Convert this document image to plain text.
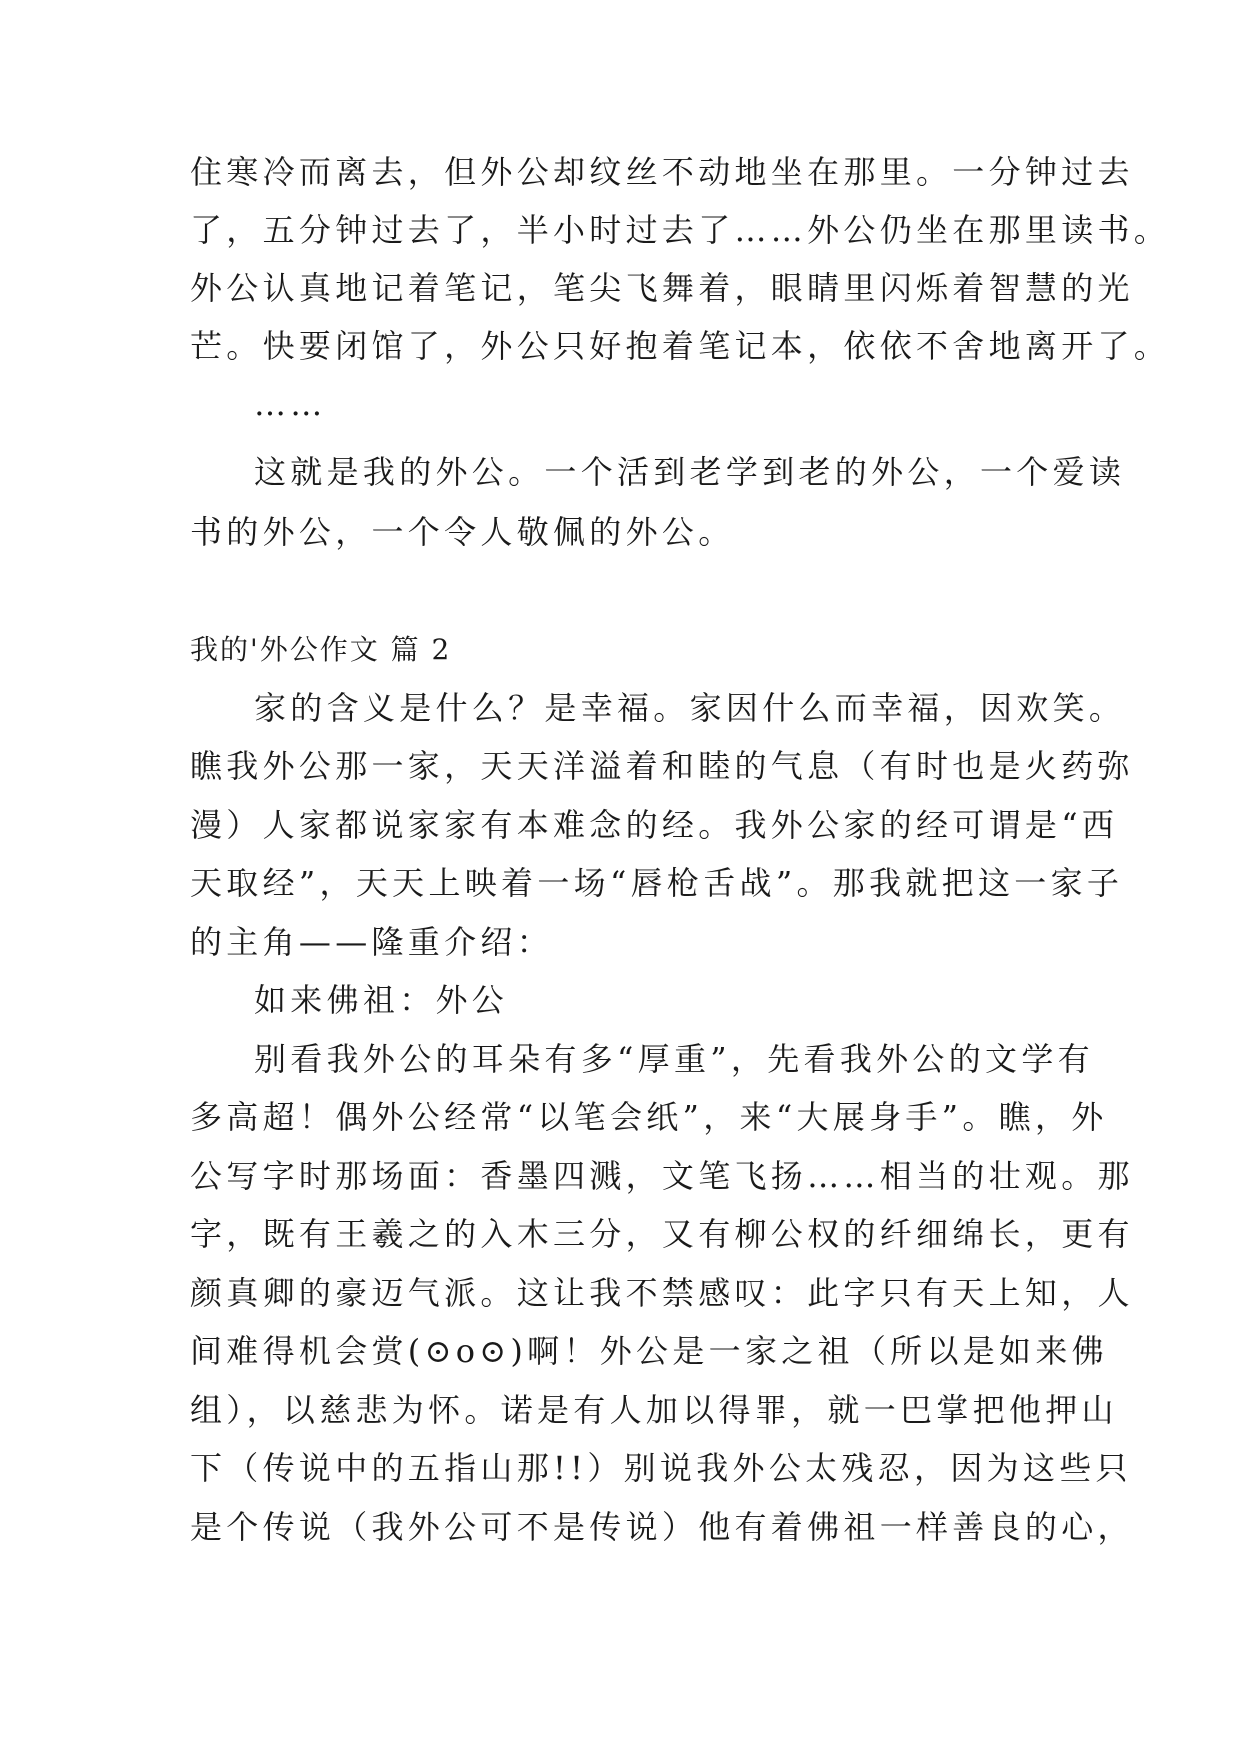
住寒冷而离去，但外公却纹丝不动地坐在那里。一分钟过去
了，五分钟过去了，半小时过去了……外公仍坐在那里读书。
外公认真地记着笔记，笔尖飞舞着，眼睛里闪烁着智慧的光
芒。快要闭馆了，外公只好抱着笔记本，依依不舍地离开了。
……
这就是我的外公。一个活到老学到老的外公，一个爱读
书的外公，一个令人敬佩的外公。
我的'外公作文 篇 2
家的含义是什么？是幸福。家因什么而幸福，因欢笑。
瞧我外公那一家，天天洋溢着和睦的气息（有时也是火药弥
漫）人家都说家家有本难念的经。我外公家的经可谓是“西
天取经”，天天上映着一场“唇枪舌战”。那我就把这一家子
的主角——隆重介绍：
如来佛祖：外公
别看我外公的耳朵有多“厚重”，先看我外公的文学有
多高超！偶外公经常“以笔会纸”，来“大展身手”。瞧，外
公写字时那场面：香墨四溅，文笔飞扬……相当的壮观。那
字，既有王羲之的入木三分，又有柳公权的纤细绵长，更有
颜真卿的豪迈气派。这让我不禁感叹：此字只有天上知，人
间难得机会赏(⊙o⊙)啊！外公是一家之祖（所以是如来佛
组），以慈悲为怀。诺是有人加以得罪，就一巴掌把他押山
下（传说中的五指山那!!）别说我外公太残忍，因为这些只
是个传说（我外公可不是传说）他有着佛祖一样善良的心，
